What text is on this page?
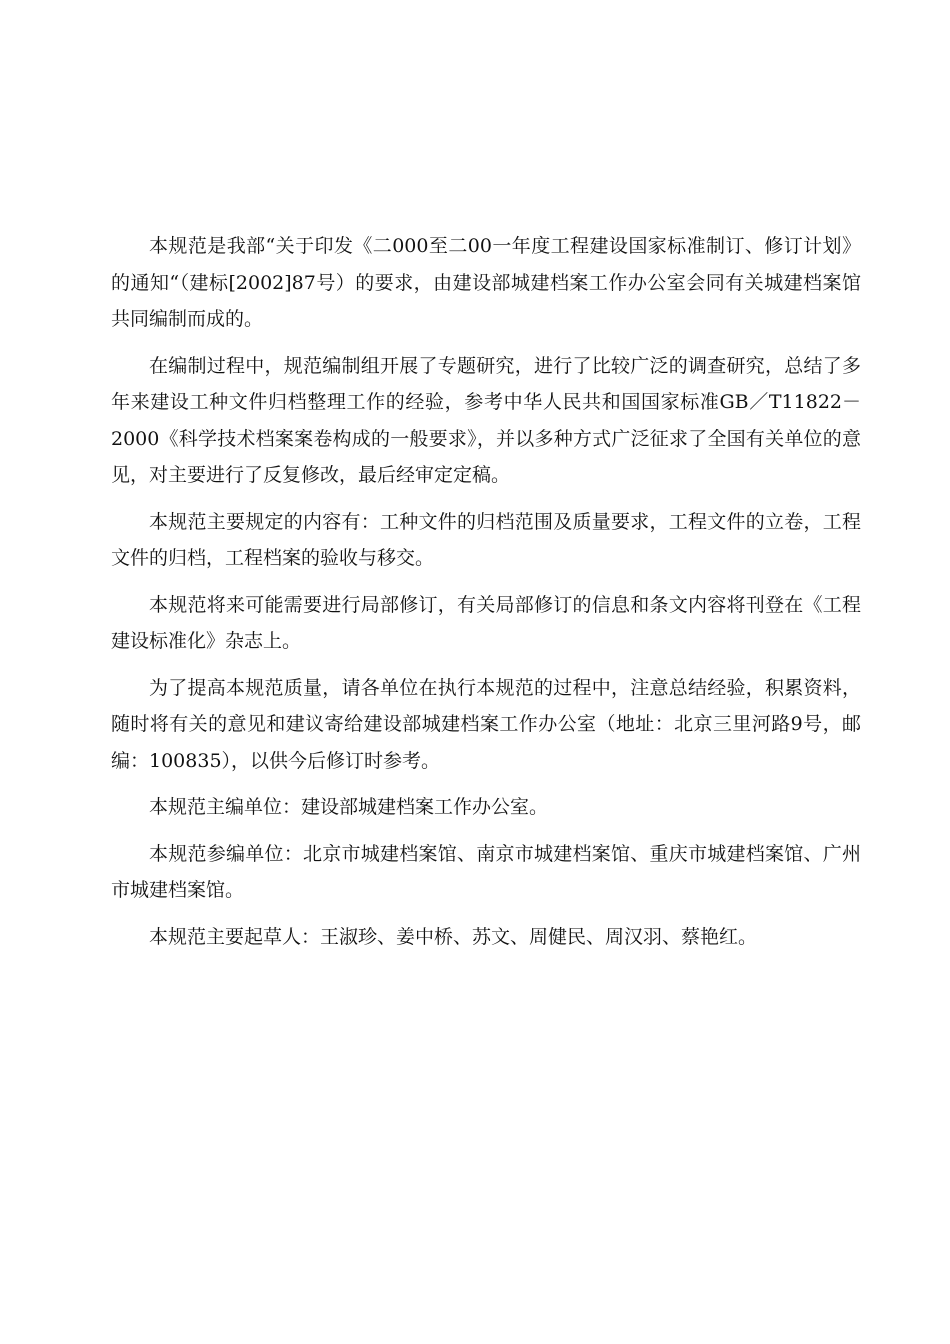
本规范是我部“关于印发《二000至二00一年度工程建设国家标准制订、修订计划》的通知“（建标[2002]87号）的要求，由建设部城建档案工作办公室会同有关城建档案馆共同编制而成的。

在编制过程中，规范编制组开展了专题研究，进行了比较广泛的调查研究，总结了多年来建设工种文件归档整理工作的经验，参考中华人民共和国国家标准GB／T11822－2000《科学技术档案案卷构成的一般要求》，并以多种方式广泛征求了全国有关单位的意见，对主要进行了反复修改，最后经审定定稿。

本规范主要规定的内容有：工种文件的归档范围及质量要求，工程文件的立卷，工程文件的归档，工程档案的验收与移交。

本规范将来可能需要进行局部修订，有关局部修订的信息和条文内容将刊登在《工程建设标准化》杂志上。

为了提高本规范质量，请各单位在执行本规范的过程中，注意总结经验，积累资料，随时将有关的意见和建议寄给建设部城建档案工作办公室（地址：北京三里河路9号，邮编：100835），以供今后修订时参考。

本规范主编单位：建设部城建档案工作办公室。

本规范参编单位：北京市城建档案馆、南京市城建档案馆、重庆市城建档案馆、广州市城建档案馆。

本规范主要起草人：王淑珍、姜中桥、苏文、周健民、周汉羽、蔡艳红。
